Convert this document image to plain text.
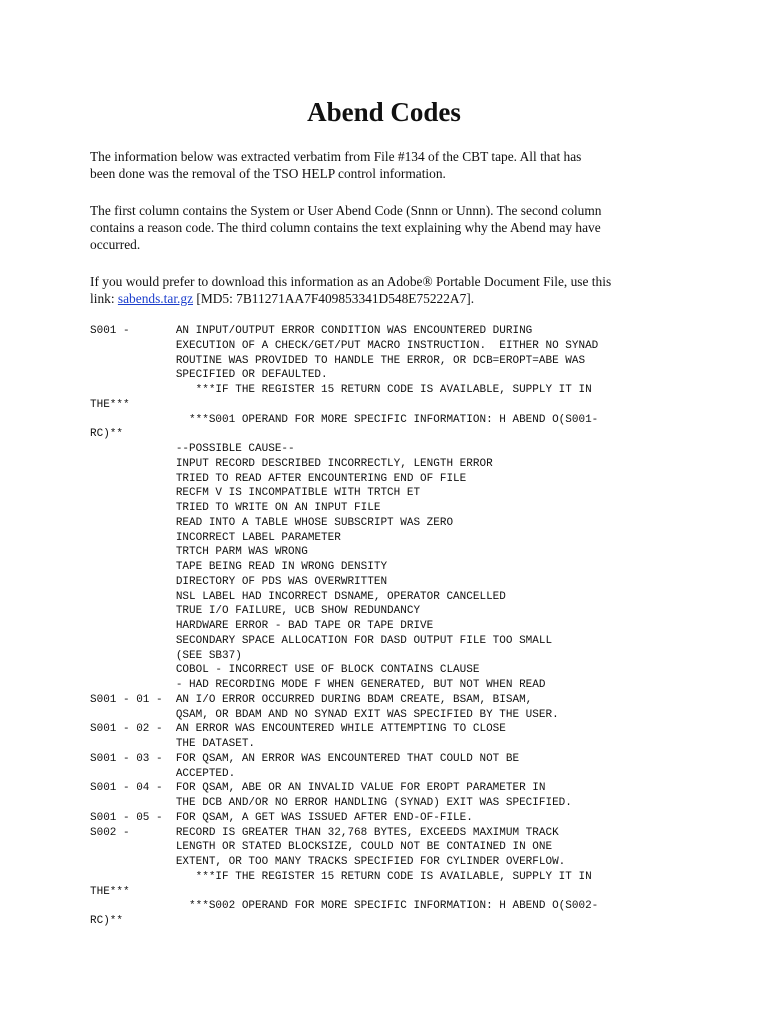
Abend Codes
The information below was extracted verbatim from File #134 of the CBT tape. All that has
been done was the removal of the TSO HELP control information.
The first column contains the System or User Abend Code (Snnn or Unnn). The second column
contains a reason code. The third column contains the text explaining why the Abend may have
occurred.
If you would prefer to download this information as an Adobe® Portable Document File, use this
link: sabends.tar.gz [MD5: 7B11271AA7F409853341D548E75222A7].
S001 -       AN INPUT/OUTPUT ERROR CONDITION WAS ENCOUNTERED DURING
EXECUTION OF A CHECK/GET/PUT MACRO INSTRUCTION.  EITHER NO SYNAD
ROUTINE WAS PROVIDED TO HANDLE THE ERROR, OR DCB=EROPT=ABE WAS
SPECIFIED OR DEFAULTED.
***IF THE REGISTER 15 RETURN CODE IS AVAILABLE, SUPPLY IT IN
THE***
***S001 OPERAND FOR MORE SPECIFIC INFORMATION: H ABEND O(S001-
RC)**
--POSSIBLE CAUSE--
INPUT RECORD DESCRIBED INCORRECTLY, LENGTH ERROR
TRIED TO READ AFTER ENCOUNTERING END OF FILE
RECFM V IS INCOMPATIBLE WITH TRTCH ET
TRIED TO WRITE ON AN INPUT FILE
READ INTO A TABLE WHOSE SUBSCRIPT WAS ZERO
INCORRECT LABEL PARAMETER
TRTCH PARM WAS WRONG
TAPE BEING READ IN WRONG DENSITY
DIRECTORY OF PDS WAS OVERWRITTEN
NSL LABEL HAD INCORRECT DSNAME, OPERATOR CANCELLED
TRUE I/O FAILURE, UCB SHOW REDUNDANCY
HARDWARE ERROR - BAD TAPE OR TAPE DRIVE
SECONDARY SPACE ALLOCATION FOR DASD OUTPUT FILE TOO SMALL
(SEE SB37)
COBOL - INCORRECT USE OF BLOCK CONTAINS CLAUSE
- HAD RECORDING MODE F WHEN GENERATED, BUT NOT WHEN READ
S001 - 01 -  AN I/O ERROR OCCURRED DURING BDAM CREATE, BSAM, BISAM,
QSAM, OR BDAM AND NO SYNAD EXIT WAS SPECIFIED BY THE USER.
S001 - 02 -  AN ERROR WAS ENCOUNTERED WHILE ATTEMPTING TO CLOSE
THE DATASET.
S001 - 03 -  FOR QSAM, AN ERROR WAS ENCOUNTERED THAT COULD NOT BE
ACCEPTED.
S001 - 04 -  FOR QSAM, ABE OR AN INVALID VALUE FOR EROPT PARAMETER IN
THE DCB AND/OR NO ERROR HANDLING (SYNAD) EXIT WAS SPECIFIED.
S001 - 05 -  FOR QSAM, A GET WAS ISSUED AFTER END-OF-FILE.
S002 -       RECORD IS GREATER THAN 32,768 BYTES, EXCEEDS MAXIMUM TRACK
LENGTH OR STATED BLOCKSIZE, COULD NOT BE CONTAINED IN ONE
EXTENT, OR TOO MANY TRACKS SPECIFIED FOR CYLINDER OVERFLOW.
***IF THE REGISTER 15 RETURN CODE IS AVAILABLE, SUPPLY IT IN
THE***
***S002 OPERAND FOR MORE SPECIFIC INFORMATION: H ABEND O(S002-
RC)**
